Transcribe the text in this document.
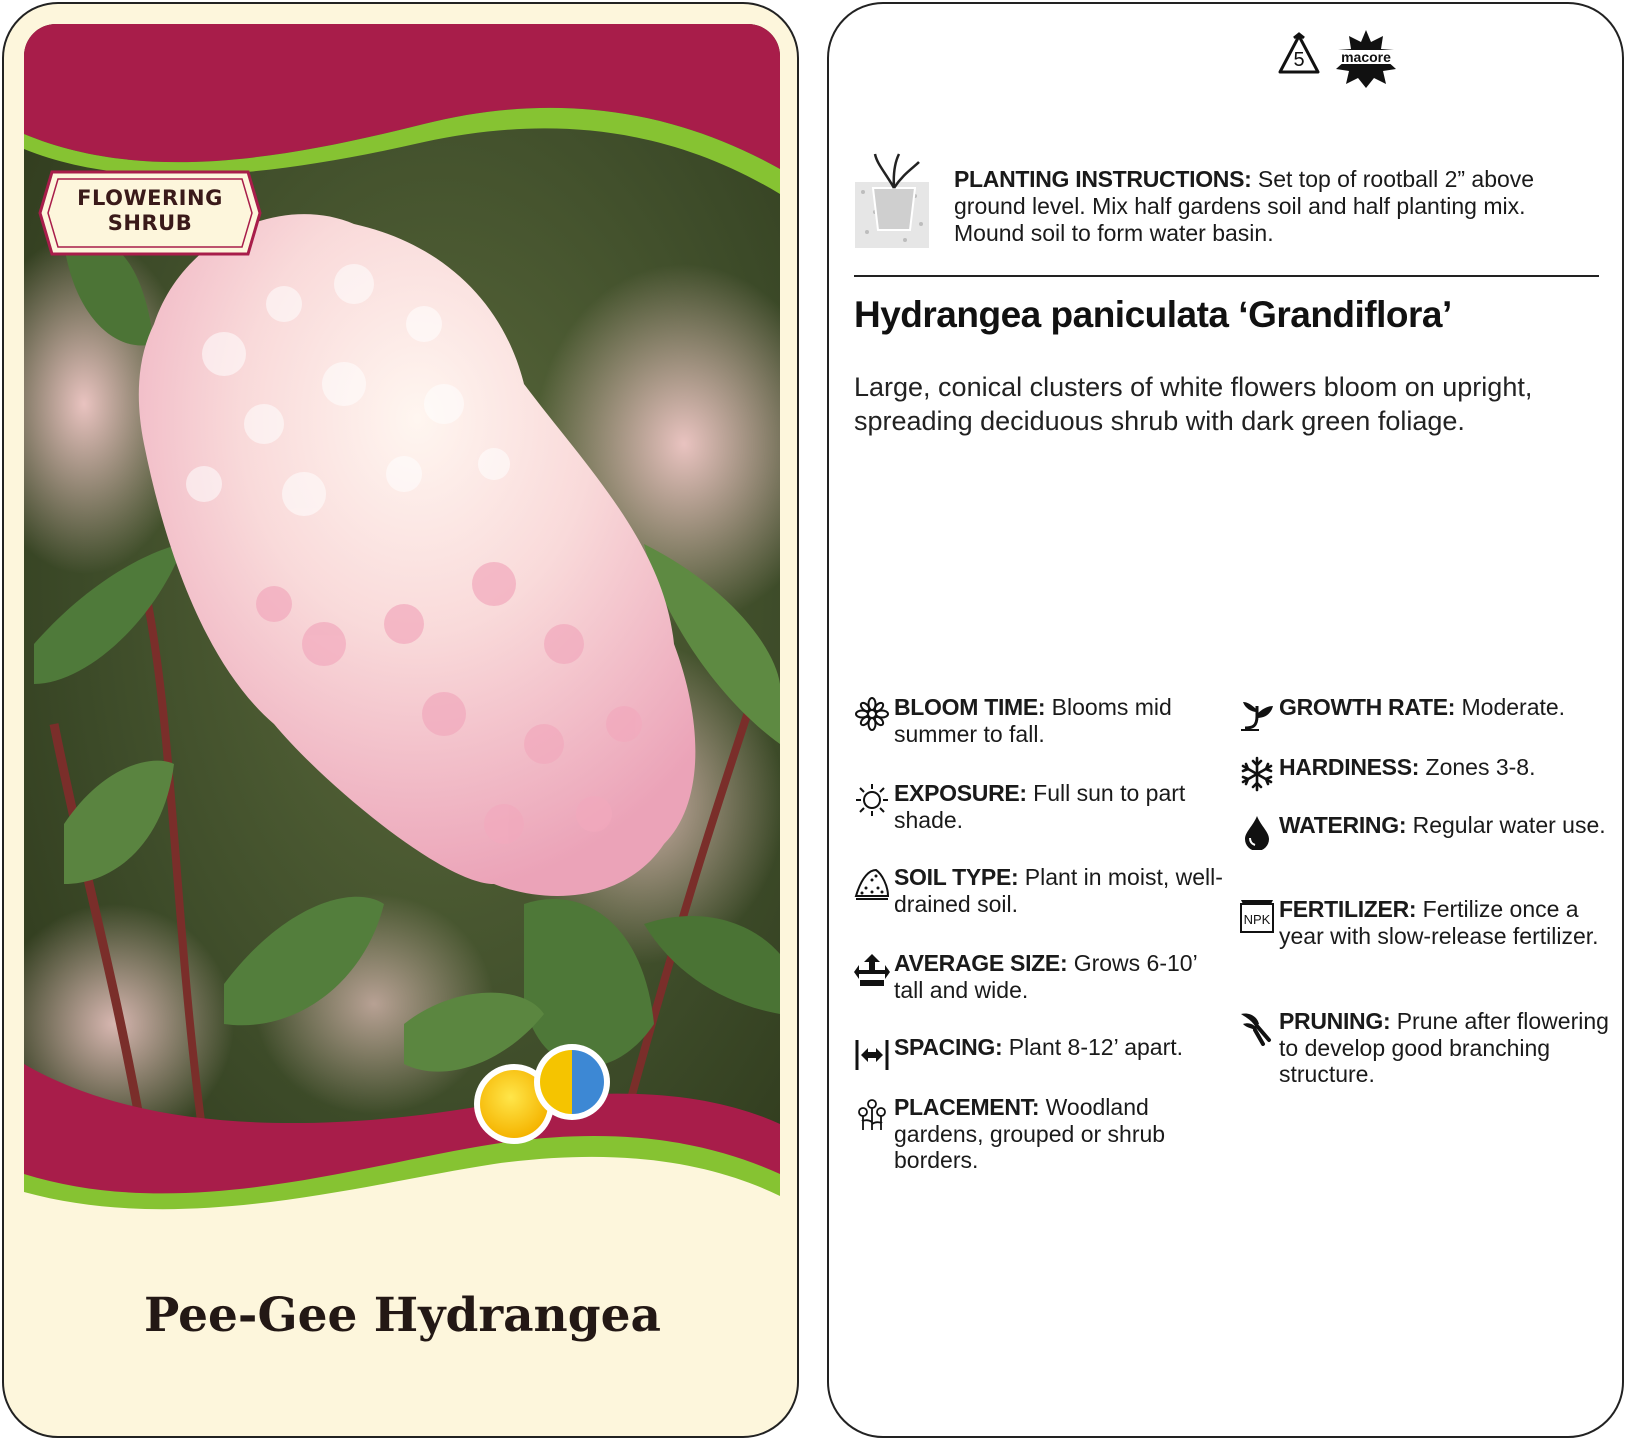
FLOWERING
SHRUB
Pee-Gee Hydrangea
5	macore
PLANTING INSTRUCTIONS: Set top of rootball 2” above ground level. Mix half gardens soil and half planting mix. Mound soil to form water basin.
Hydrangea paniculata ‘Grandiflora’
Large, conical clusters of white flowers bloom on upright, spreading deciduous shrub with dark green foliage.
BLOOM TIME: Blooms mid summer to fall.
EXPOSURE: Full sun to part shade.
SOIL TYPE: Plant in moist, well-drained soil.
AVERAGE SIZE: Grows 6-10’ tall and wide.
SPACING: Plant 8-12’ apart.
PLACEMENT: Woodland gardens, grouped or shrub borders.
GROWTH RATE: Moderate.
HARDINESS: Zones 3-8.
WATERING: Regular water use.
NPK FERTILIZER: Fertilize once a year with slow-release fertilizer.
PRUNING: Prune after flowering to develop good branching structure.
